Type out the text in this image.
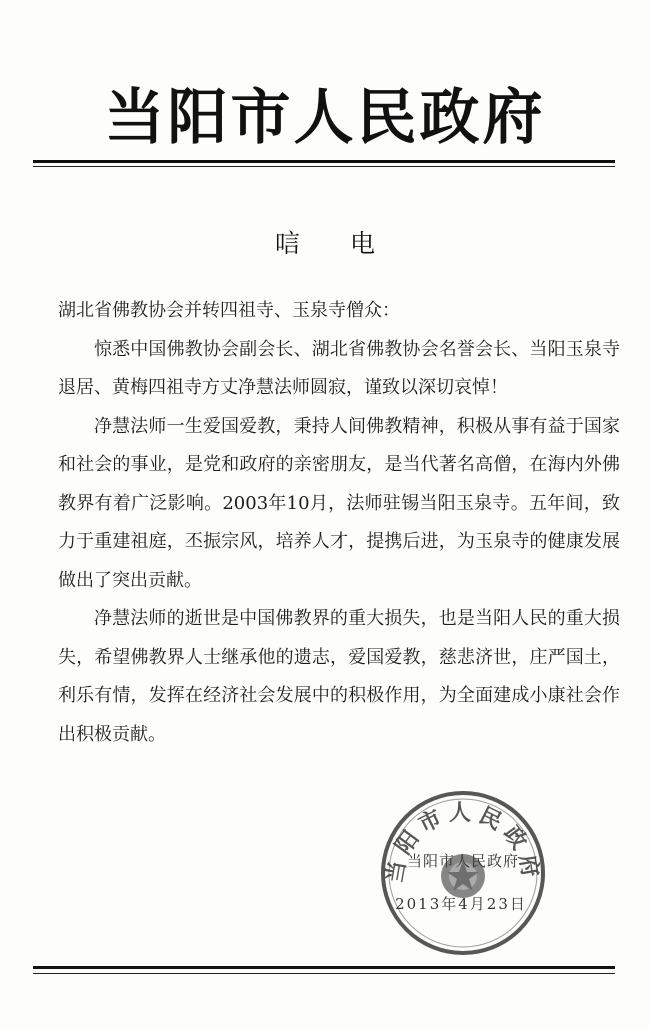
当阳市人民政府
唁电

湖北省佛教协会并转四祖寺、玉泉寺僧众：

惊悉中国佛教协会副会长、湖北省佛教协会名誉会长、当阳玉泉寺退居、黄梅四祖寺方丈净慧法师圆寂，谨致以深切哀悼！

净慧法师一生爱国爱教，秉持人间佛教精神，积极从事有益于国家和社会的事业，是党和政府的亲密朋友，是当代著名高僧，在海内外佛教界有着广泛影响。2003年10月，法师驻锡当阳玉泉寺。五年间，致力于重建祖庭，丕振宗风，培养人才，提携后进，为玉泉寺的健康发展做出了突出贡献。

净慧法师的逝世是中国佛教界的重大损失，也是当阳人民的重大损失，希望佛教界人士继承他的遗志，爱国爱教，慈悲济世，庄严国土，利乐有情，发挥在经济社会发展中的积极作用，为全面建成小康社会作出积极贡献。

当阳市人民政府
当阳市人民政府
2013年4月23日
